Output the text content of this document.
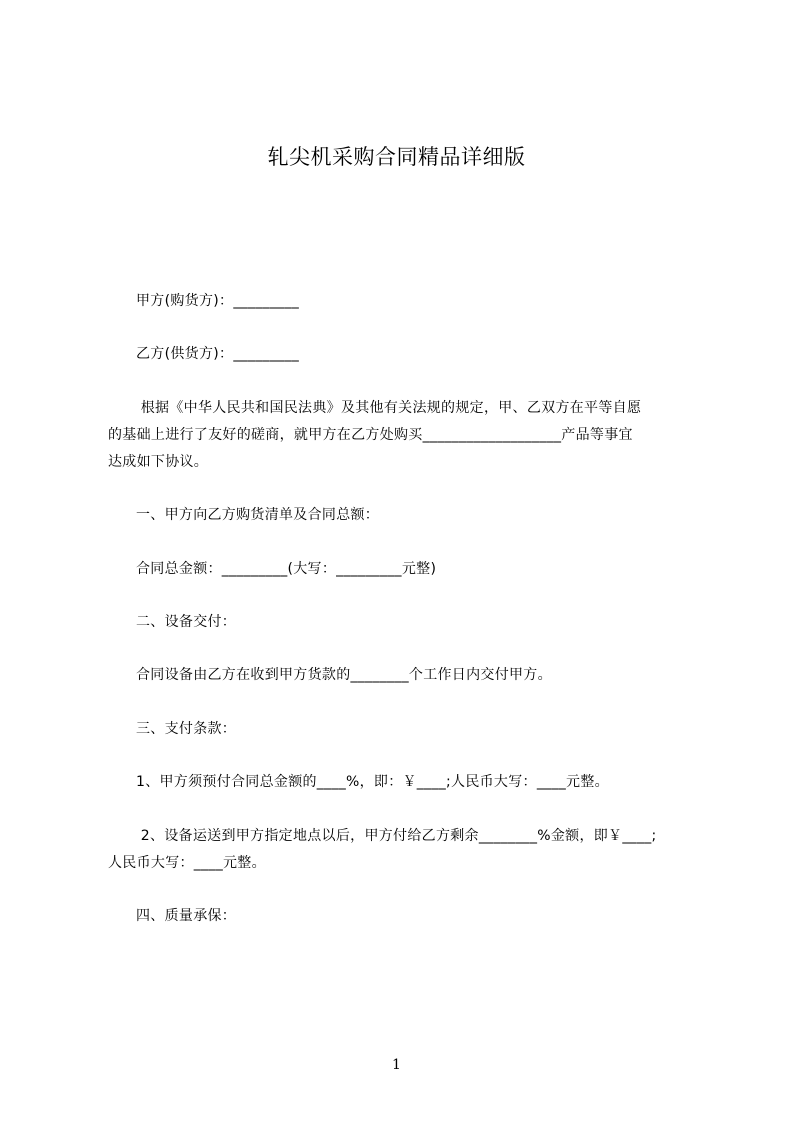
轧尖机采购合同精品详细版
甲方(购货方)：_________
乙方(供货方)：_________
根据《中华人民共和国民法典》及其他有关法规的规定，甲、乙双方在平等自愿
的基础上进行了友好的磋商，就甲方在乙方处购买___________________产品等事宜
达成如下协议。
一、甲方向乙方购货清单及合同总额：
合同总金额：_________(大写：_________元整)
二、设备交付：
合同设备由乙方在收到甲方货款的________个工作日内交付甲方。
三、支付条款：
1、甲方须预付合同总金额的____%，即：￥____;人民币大写：____元整。
2、设备运送到甲方指定地点以后，甲方付给乙方剩余________%金额，即￥____;
人民币大写：____元整。
四、质量承保：
1
